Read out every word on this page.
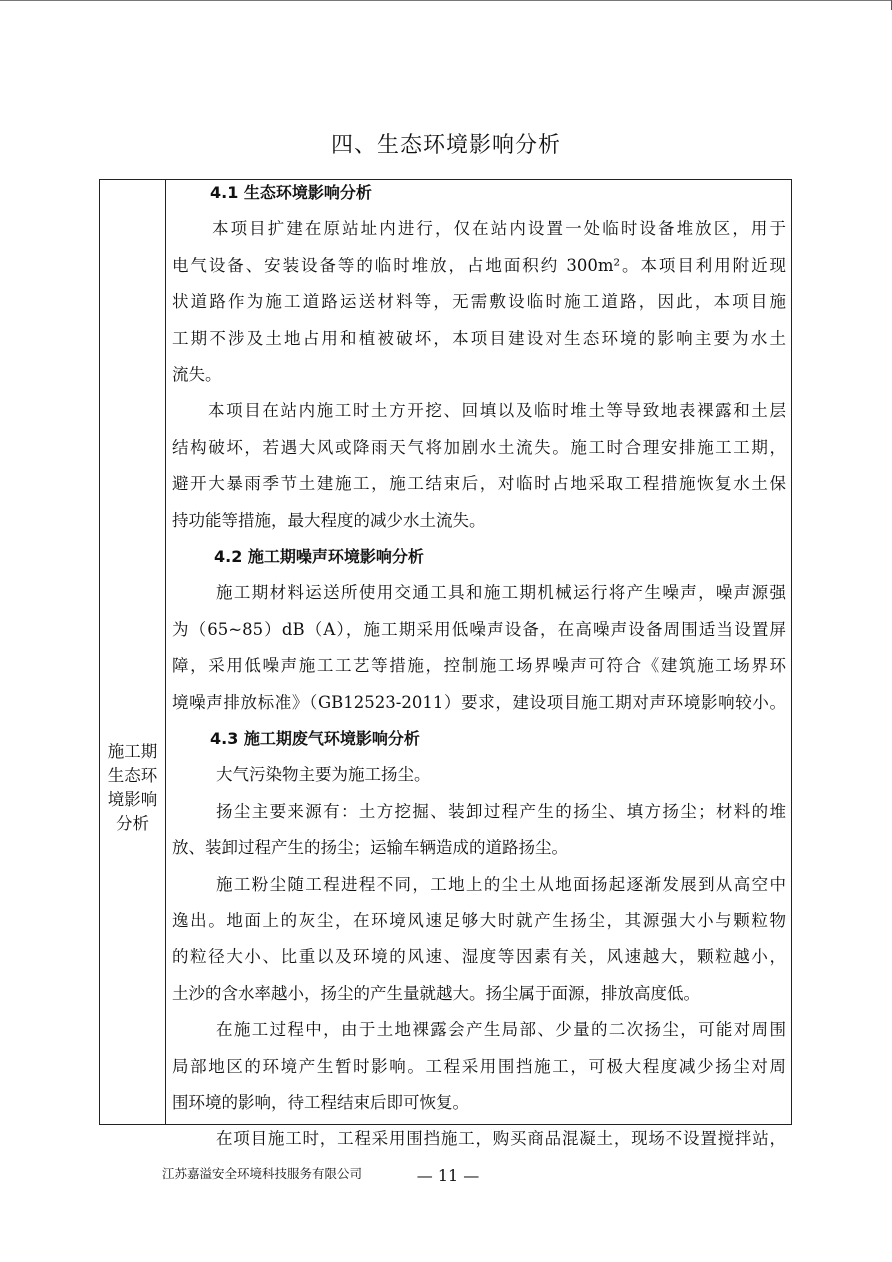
四、生态环境影响分析
施工期
生态环
境影响
分析
4.1 生态环境影响分析
本项目扩建在原站址内进行，仅在站内设置一处临时设备堆放区，用于
电气设备、安装设备等的临时堆放，占地面积约 300m²。本项目利用附近现
状道路作为施工道路运送材料等，无需敷设临时施工道路，因此，本项目施
工期不涉及土地占用和植被破坏，本项目建设对生态环境的影响主要为水土
流失。
本项目在站内施工时土方开挖、回填以及临时堆土等导致地表裸露和土层
结构破坏，若遇大风或降雨天气将加剧水土流失。施工时合理安排施工工期，
避开大暴雨季节土建施工，施工结束后，对临时占地采取工程措施恢复水土保
持功能等措施，最大程度的减少水土流失。
4.2 施工期噪声环境影响分析
施工期材料运送所使用交通工具和施工期机械运行将产生噪声，噪声源强
为（65~85）dB（A），施工期采用低噪声设备，在高噪声设备周围适当设置屏
障，采用低噪声施工工艺等措施，控制施工场界噪声可符合《建筑施工场界环
境噪声排放标准》（GB12523-2011）要求，建设项目施工期对声环境影响较小。
4.3 施工期废气环境影响分析
大气污染物主要为施工扬尘。
扬尘主要来源有：土方挖掘、装卸过程产生的扬尘、填方扬尘；材料的堆
放、装卸过程产生的扬尘；运输车辆造成的道路扬尘。
施工粉尘随工程进程不同，工地上的尘土从地面扬起逐渐发展到从高空中
逸出。地面上的灰尘，在环境风速足够大时就产生扬尘，其源强大小与颗粒物
的粒径大小、比重以及环境的风速、湿度等因素有关，风速越大，颗粒越小，
土沙的含水率越小，扬尘的产生量就越大。扬尘属于面源，排放高度低。
在施工过程中，由于土地裸露会产生局部、少量的二次扬尘，可能对周围
局部地区的环境产生暂时影响。工程采用围挡施工，可极大程度减少扬尘对周
围环境的影响，待工程结束后即可恢复。
在项目施工时，工程采用围挡施工，购买商品混凝土，现场不设置搅拌站，
江苏嘉溢安全环境科技服务有限公司	— 11 —
